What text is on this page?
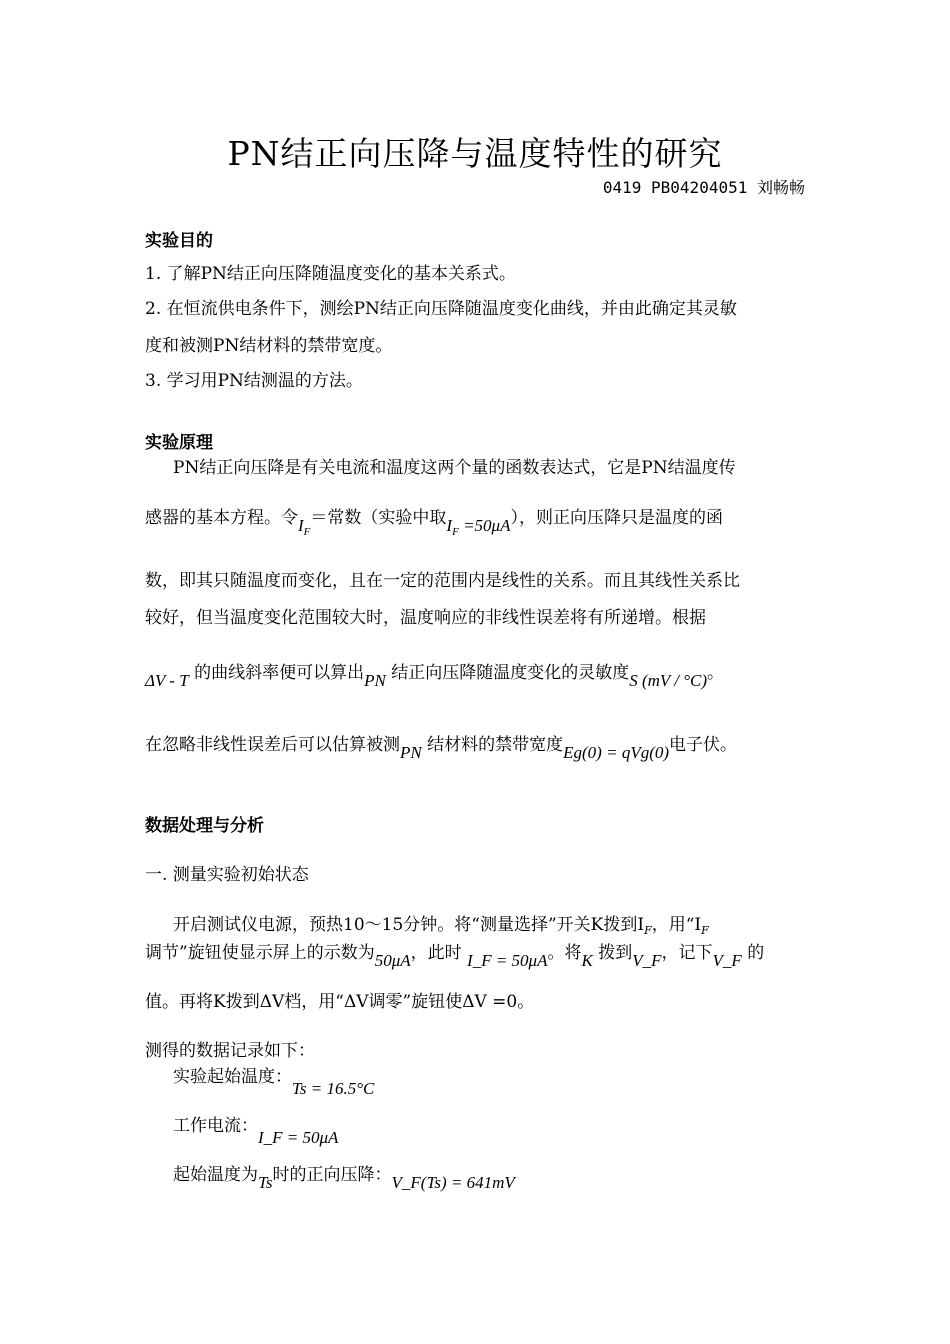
PN结正向压降与温度特性的研究
0419 PB04204051 刘畅畅
实验目的
1. 了解PN结正向压降随温度变化的基本关系式。
2. 在恒流供电条件下，测绘PN结正向压降随温度变化曲线，并由此确定其灵敏
度和被测PN结材料的禁带宽度。
3. 学习用PN结测温的方法。
实验原理
PN结正向压降是有关电流和温度这两个量的函数表达式，它是PN结温度传
感器的基本方程。令$I_F=$常数（实验中取$I_F =50\mu A$），则正向压降只是温度的函
数，即其只随温度而变化，且在一定的范围内是线性的关系。而且其线性关系比
较好，但当温度变化范围较大时，温度响应的非线性误差将有所递增。根据
ΔV - T 的曲线斜率便可以算出PN 结正向压降随温度变化的灵敏度S (mV / °C)。
在忽略非线性误差后可以估算被测PN 结材料的禁带宽度Eg(0) = qVg(0)电子伏。
数据处理与分析
一. 测量实验初始状态
开启测试仪电源，预热10～15分钟。将“测量选择”开关K拨到$I_F$，用“$I_F$
调节”旋钮使显示屏上的示数为50μA，此时 I_F = 50μA。将K 拨到V_F，记下V_F 的
值。再将K拨到ΔV档，用“ΔV调零”旋钮使ΔV =0。
测得的数据记录如下：
实验起始温度：Ts = 16.5°C
工作电流：I_F = 50μA
起始温度为Ts时的正向压降：V_F(Ts) = 641mV
